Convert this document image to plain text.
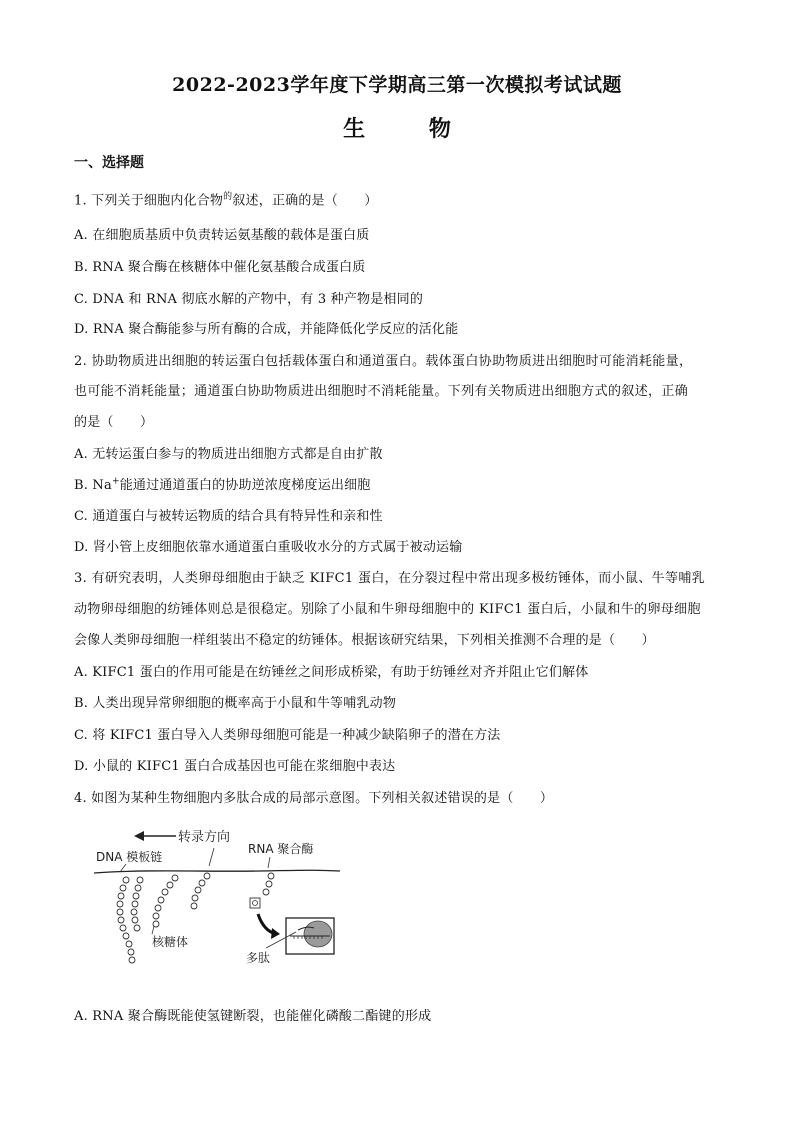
2022-2023学年度下学期高三第一次模拟考试试题
生 物
一、选择题
1. 下列关于细胞内化合物$^的$叙述，正确的是（　　）
A. 在细胞质基质中负责转运氨基酸的载体是蛋白质
B. RNA 聚合酶在核糖体中催化氨基酸合成蛋白质
C. DNA 和 RNA 彻底水解的产物中，有 3 种产物是相同的
D. RNA 聚合酶能参与所有酶的合成，并能降低化学反应的活化能
2. 协助物质进出细胞的转运蛋白包括载体蛋白和通道蛋白。载体蛋白协助物质进出细胞时可能消耗能量，
也可能不消耗能量；通道蛋白协助物质进出细胞时不消耗能量。下列有关物质进出细胞方式的叙述，正确
的是（　　）
A. 无转运蛋白参与的物质进出细胞方式都是自由扩散
B. Na+能通过通道蛋白的协助逆浓度梯度运出细胞
C. 通道蛋白与被转运物质的结合具有特异性和亲和性
D. 肾小管上皮细胞依靠水通道蛋白重吸收水分的方式属于被动运输
3. 有研究表明，人类卵母细胞由于缺乏 KIFC1 蛋白，在分裂过程中常出现多极纺锤体，而小鼠、牛等哺乳
动物卵母细胞的纺锤体则总是很稳定。别除了小鼠和牛卵母细胞中的 KIFC1 蛋白后，小鼠和牛的卵母细胞
会像人类卵母细胞一样组装出不稳定的纺锤体。根据该研究结果，下列相关推测不合理的是（　　）
A. KIFC1 蛋白的作用可能是在纺锤丝之间形成桥梁，有助于纺锤丝对齐并阻止它们解体
B. 人类出现异常卵细胞的概率高于小鼠和牛等哺乳动物
C. 将 KIFC1 蛋白导入人类卵母细胞可能是一种减少缺陷卵子的潜在方法
D. 小鼠的 KIFC1 蛋白合成基因也可能在浆细胞中表达
4. 如图为某种生物细胞内多肽合成的局部示意图。下列相关叙述错误的是（　　）
转录方向
DNA 模板链
RNA 聚合酶
核糖体
多肽
A. RNA 聚合酶既能使氢键断裂，也能催化磷酸二酯键的形成
